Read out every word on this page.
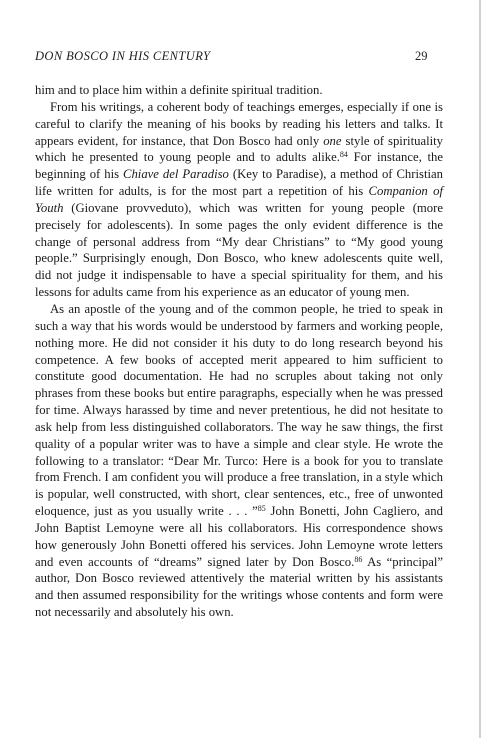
DON BOSCO IN HIS CENTURY	29

him and to place him within a definite spiritual tradition.

From his writings, a coherent body of teachings emerges, especially if one is careful to clarify the meaning of his books by reading his letters and talks. It appears evident, for instance, that Don Bosco had only one style of spirituality which he presented to young people and to adults alike.$^{84}$ For instance, the beginning of his Chiave del Paradiso (Key to Paradise), a method of Christian life written for adults, is for the most part a repetition of his Companion of Youth (Giovane provveduto), which was written for young people (more precisely for adolescents). In some pages the only evident difference is the change of personal address from “My dear Christians” to “My good young people.” Surprisingly enough, Don Bosco, who knew adolescents quite well, did not judge it indispensable to have a special spirituality for them, and his lessons for adults came from his experience as an educator of young men.

As an apostle of the young and of the common people, he tried to speak in such a way that his words would be understood by farmers and working people, nothing more. He did not consider it his duty to do long research beyond his competence. A few books of accepted merit appeared to him sufficient to constitute good documentation. He had no scruples about taking not only phrases from these books but entire paragraphs, especially when he was pressed for time. Always harassed by time and never pretentious, he did not hesitate to ask help from less distinguished collaborators. The way he saw things, the first quality of a popular writer was to have a simple and clear style. He wrote the following to a translator: “Dear Mr. Turco: Here is a book for you to translate from French. I am confident you will produce a free translation, in a style which is popular, well constructed, with short, clear sentences, etc., free of unwonted eloquence, just as you usually write . . . ”$^{85}$ John Bonetti, John Cagliero, and John Baptist Lemoyne were all his collaborators. His correspondence shows how generously John Bonetti offered his services. John Lemoyne wrote letters and even accounts of “dreams” signed later by Don Bosco.$^{86}$ As “principal” author, Don Bosco reviewed attentively the material written by his assistants and then assumed responsibility for the writings whose contents and form were not necessarily and absolutely his own.
